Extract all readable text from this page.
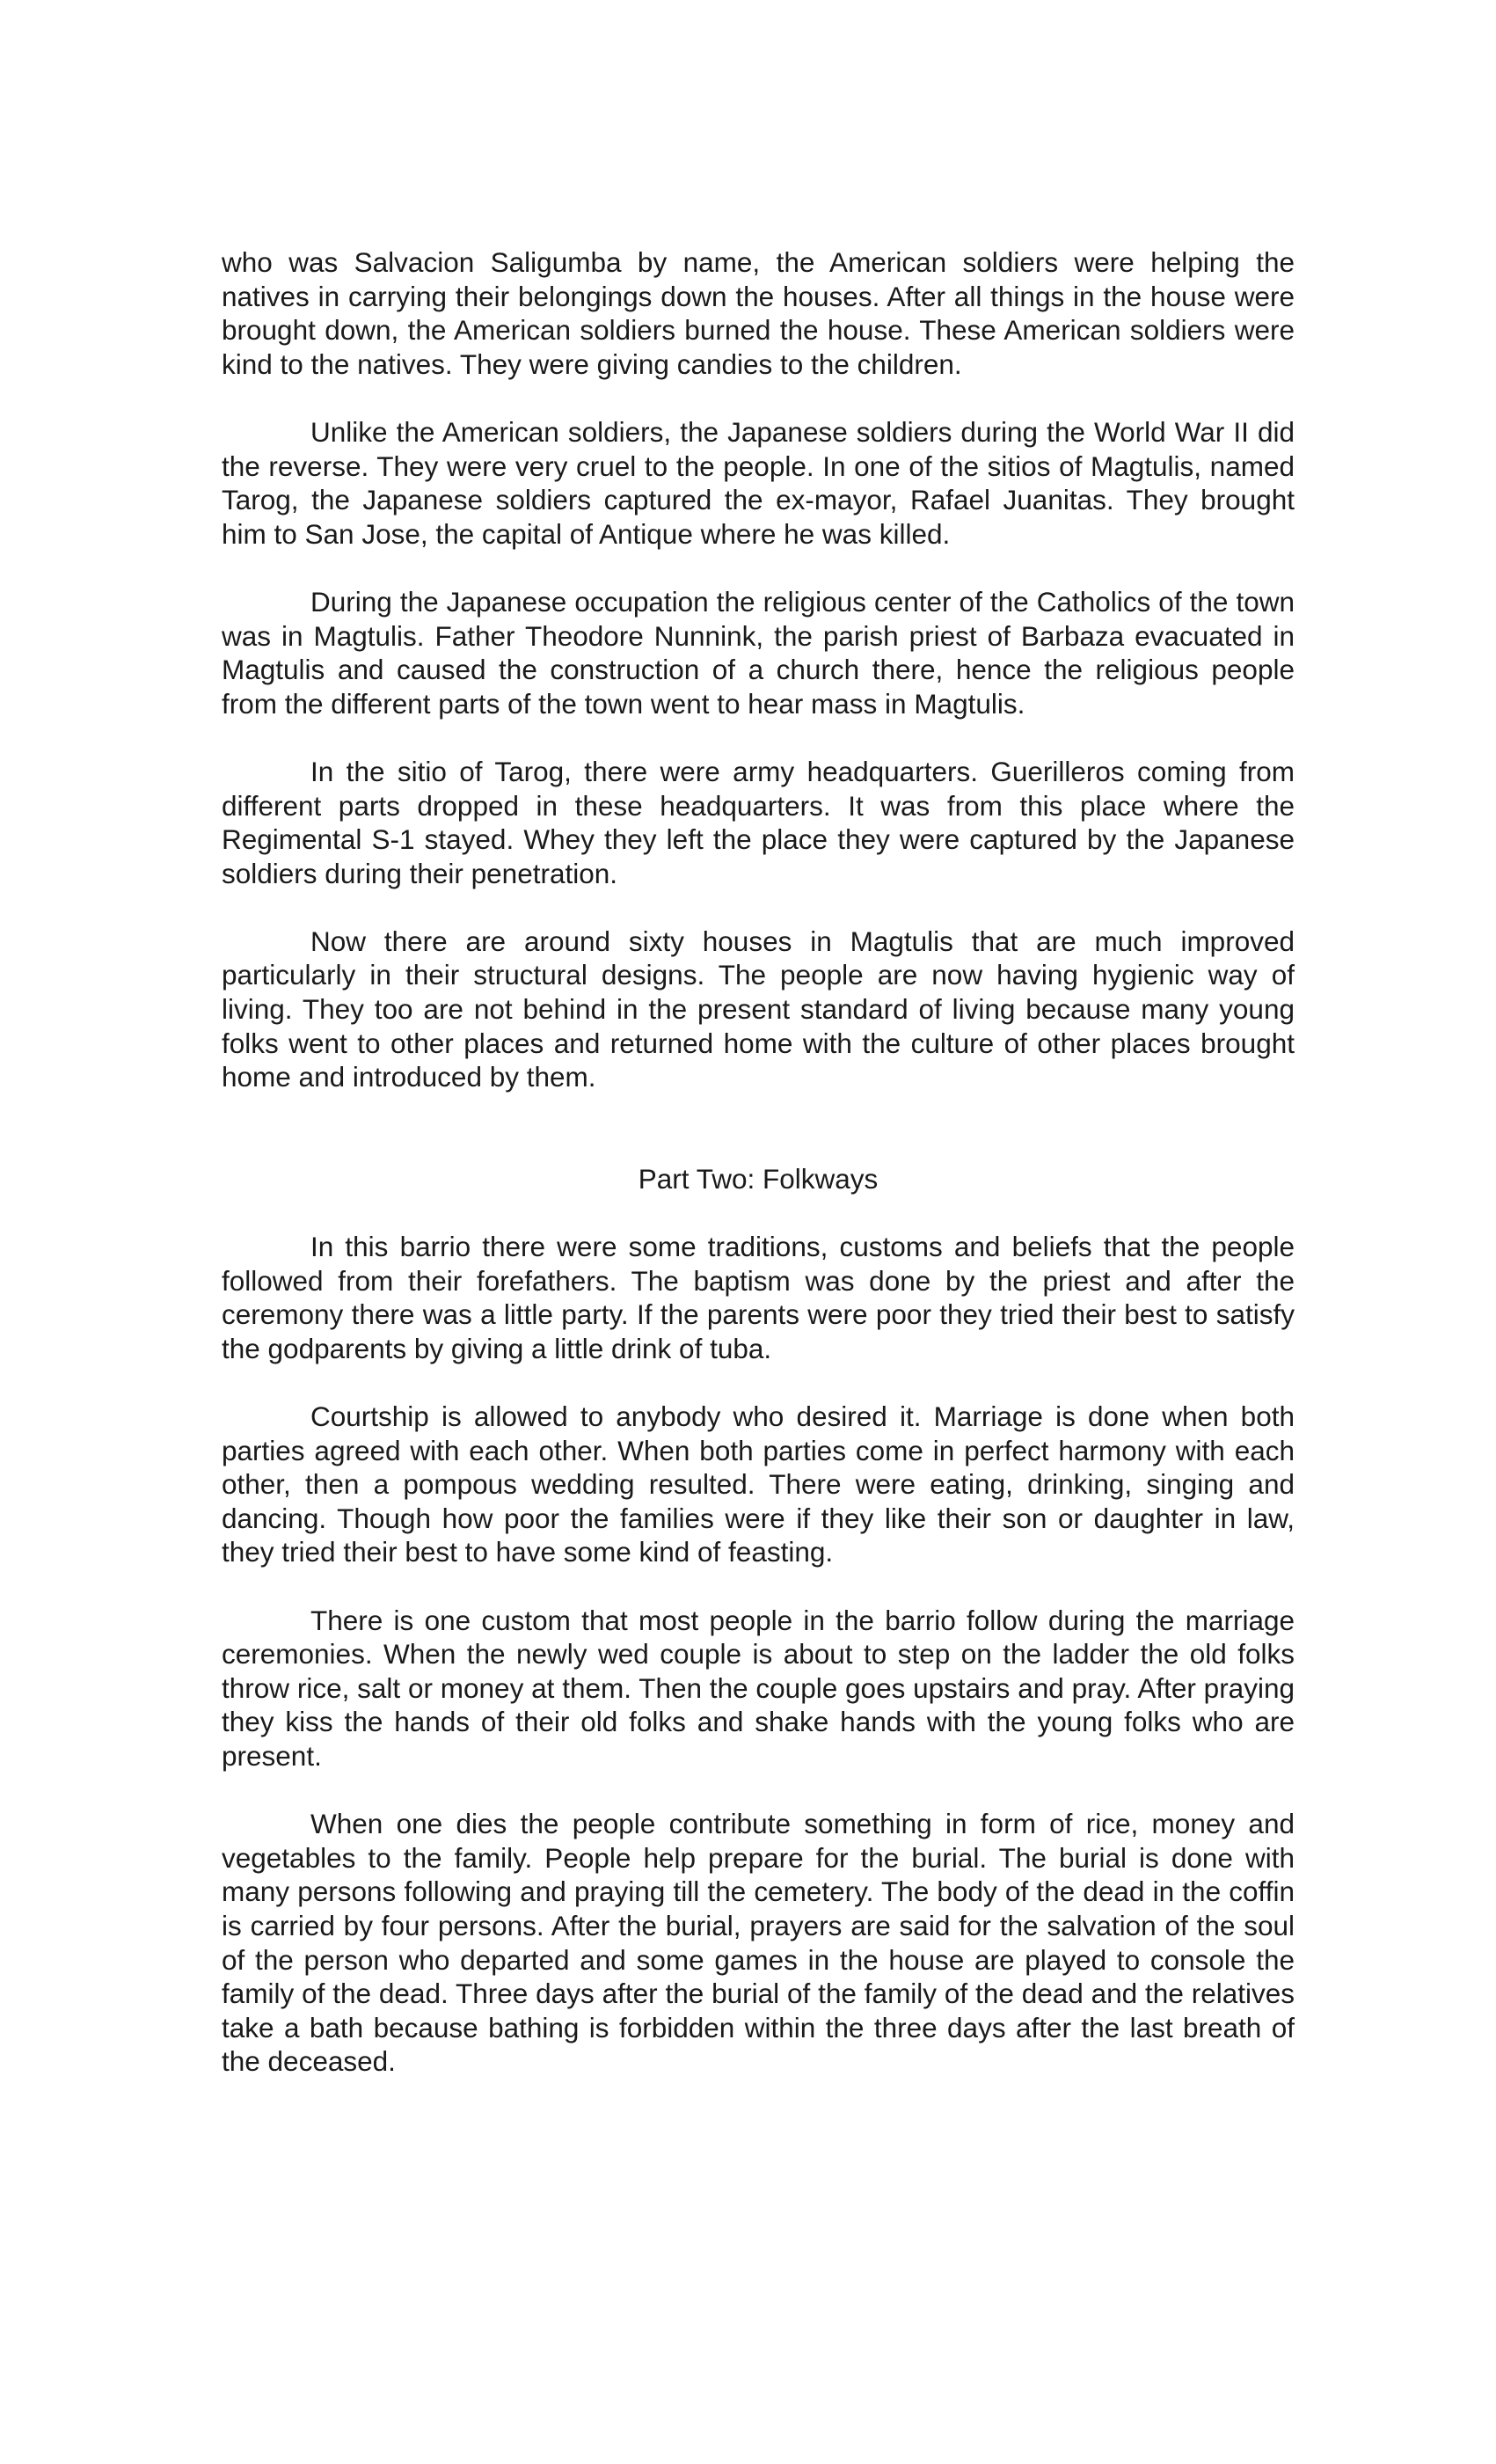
who was Salvacion Saligumba by name, the American soldiers were helping the natives in carrying their belongings down the houses. After all things in the house were brought down, the American soldiers burned the house. These American soldiers were kind to the natives. They were giving candies to the children.

Unlike the American soldiers, the Japanese soldiers during the World War II did the reverse. They were very cruel to the people. In one of the sitios of Magtulis, named Tarog, the Japanese soldiers captured the ex-mayor, Rafael Juanitas. They brought him to San Jose, the capital of Antique where he was killed.

During the Japanese occupation the religious center of the Catholics of the town was in Magtulis. Father Theodore Nunnink, the parish priest of Barbaza evacuated in Magtulis and caused the construction of a church there, hence the religious people from the different parts of the town went to hear mass in Magtulis.

In the sitio of Tarog, there were army headquarters. Guerilleros coming from different parts dropped in these headquarters. It was from this place where the Regimental S-1 stayed. Whey they left the place they were captured by the Japanese soldiers during their penetration.

Now there are around sixty houses in Magtulis that are much improved particularly in their structural designs. The people are now having hygienic way of living. They too are not behind in the present standard of living because many young folks went to other places and returned home with the culture of other places brought home and introduced by them.

Part Two: Folkways

In this barrio there were some traditions, customs and beliefs that the people followed from their forefathers. The baptism was done by the priest and after the ceremony there was a little party. If the parents were poor they tried their best to satisfy the godparents by giving a little drink of tuba.

Courtship is allowed to anybody who desired it. Marriage is done when both parties agreed with each other. When both parties come in perfect harmony with each other, then a pompous wedding resulted. There were eating, drinking, singing and dancing. Though how poor the families were if they like their son or daughter in law, they tried their best to have some kind of feasting.

There is one custom that most people in the barrio follow during the marriage ceremonies. When the newly wed couple is about to step on the ladder the old folks throw rice, salt or money at them. Then the couple goes upstairs and pray. After praying they kiss the hands of their old folks and shake hands with the young folks who are present.

When one dies the people contribute something in form of rice, money and vegetables to the family. People help prepare for the burial. The burial is done with many persons following and praying till the cemetery. The body of the dead in the coffin is carried by four persons. After the burial, prayers are said for the salvation of the soul of the person who departed and some games in the house are played to console the family of the dead. Three days after the burial of the family of the dead and the relatives take a bath because bathing is forbidden within the three days after the last breath of the deceased.
